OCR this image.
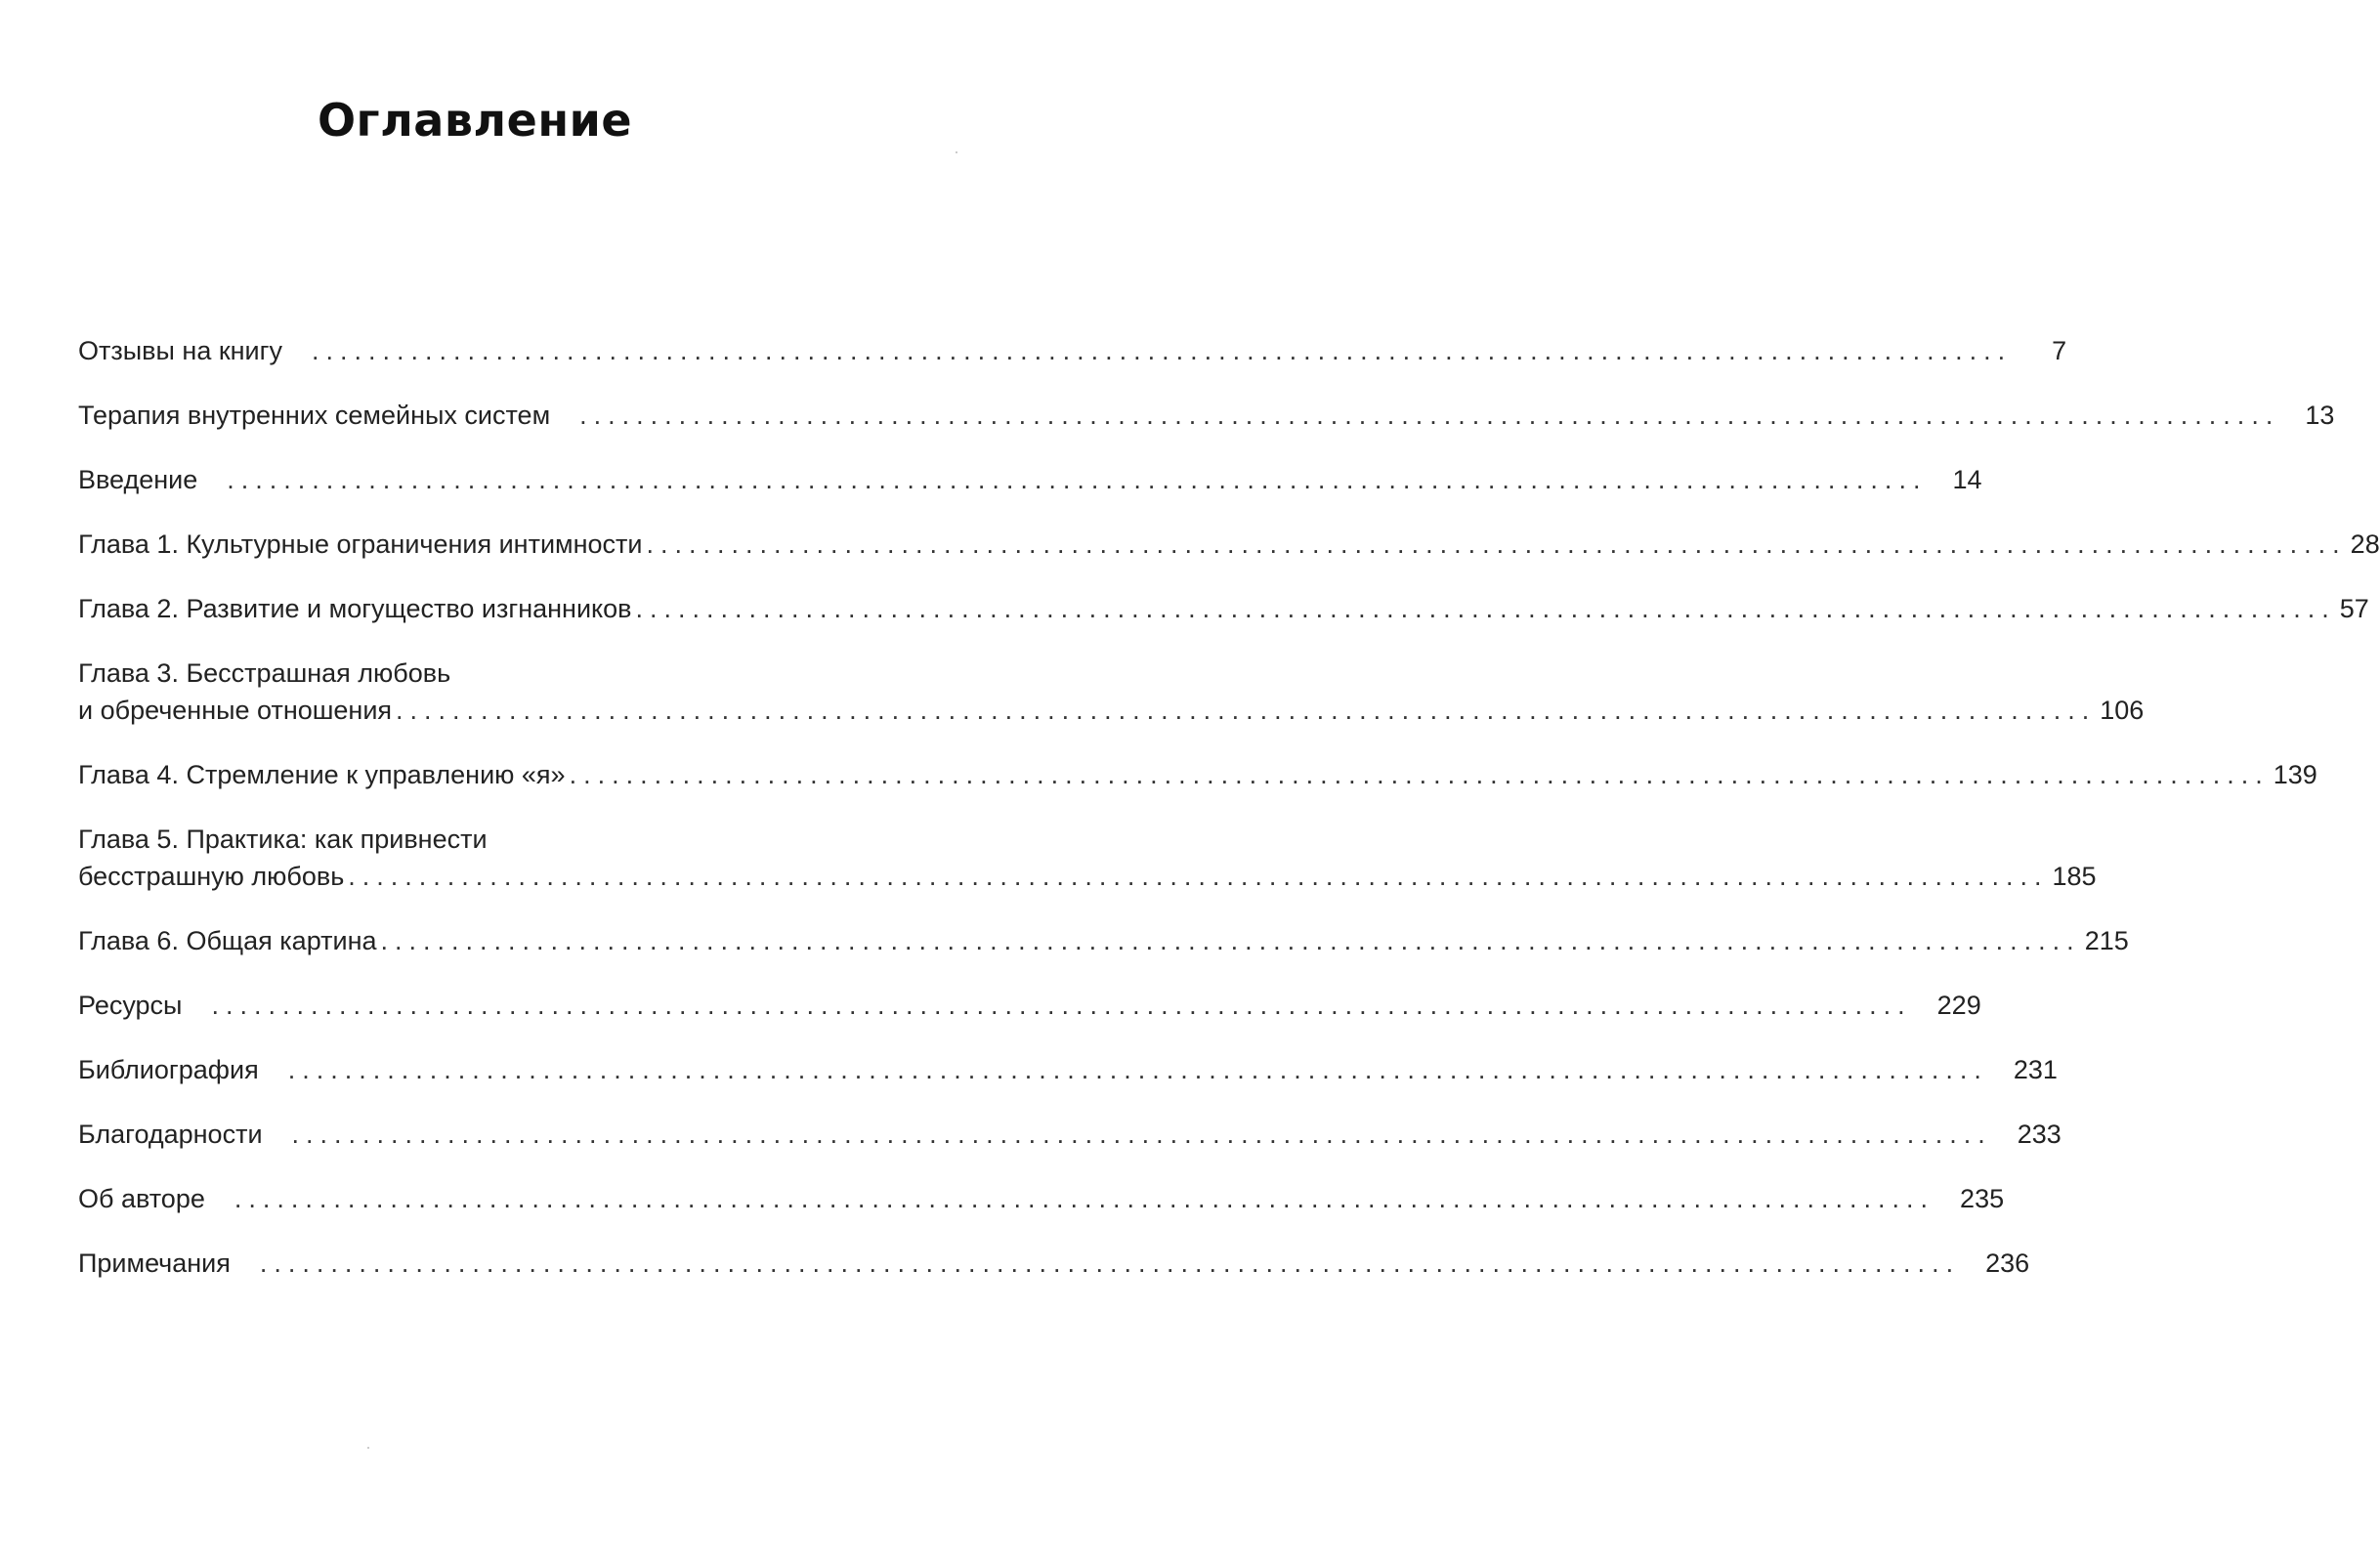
Оглавление
Отзывы на книгу ........................................................................................................................	7
Терапия внутренних семейных систем ........................................................................................................................ 13
Введение ........................................................................................................................ 14
Глава 1. Культурные ограничения интимности ........................................................................................................................ 28
Глава 2. Развитие и могущество изгнанников ........................................................................................................................ 57
Глава 3. Бесстрашная любовь
и обреченные отношения ........................................................................................................................ 106
Глава 4. Стремление к управлению «я» ........................................................................................................................ 139
Глава 5. Практика: как привнести
бесстрашную любовь ........................................................................................................................ 185
Глава 6. Общая картина ........................................................................................................................ 215
Ресурсы ........................................................................................................................ 229
Библиография ........................................................................................................................ 231
Благодарности ........................................................................................................................ 233
Об авторе ........................................................................................................................ 235
Примечания ........................................................................................................................ 236
